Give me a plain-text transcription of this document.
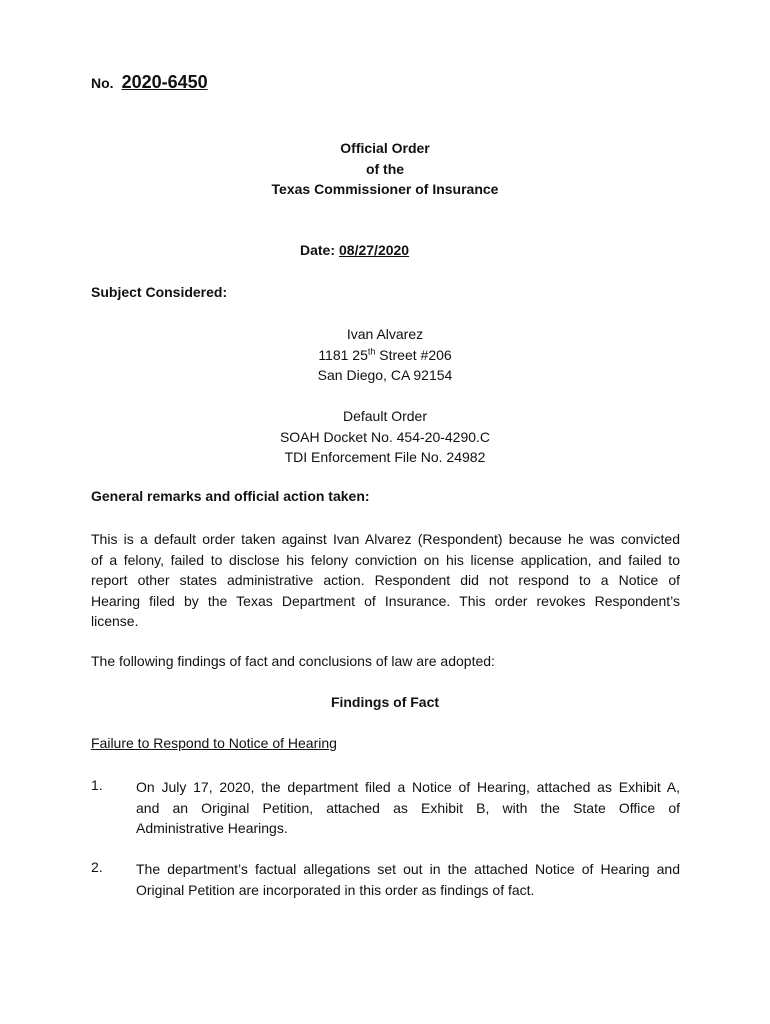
No. 2020-6450
Official Order
of the
Texas Commissioner of Insurance
Date: 08/27/2020
Subject Considered:
Ivan Alvarez
1181 25th Street #206
San Diego, CA 92154
Default Order
SOAH Docket No. 454-20-4290.C
TDI Enforcement File No. 24982
General remarks and official action taken:
This is a default order taken against Ivan Alvarez (Respondent) because he was convicted
of a felony, failed to disclose his felony conviction on his license application, and failed to
report other states administrative action. Respondent did not respond to a Notice of
Hearing filed by the Texas Department of Insurance. This order revokes Respondent’s
license.
The following findings of fact and conclusions of law are adopted:
Findings of Fact
Failure to Respond to Notice of Hearing
1. On July 17, 2020, the department filed a Notice of Hearing, attached as Exhibit A,
and an Original Petition, attached as Exhibit B, with the State Office of
Administrative Hearings.
2. The department’s factual allegations set out in the attached Notice of Hearing and
Original Petition are incorporated in this order as findings of fact.
